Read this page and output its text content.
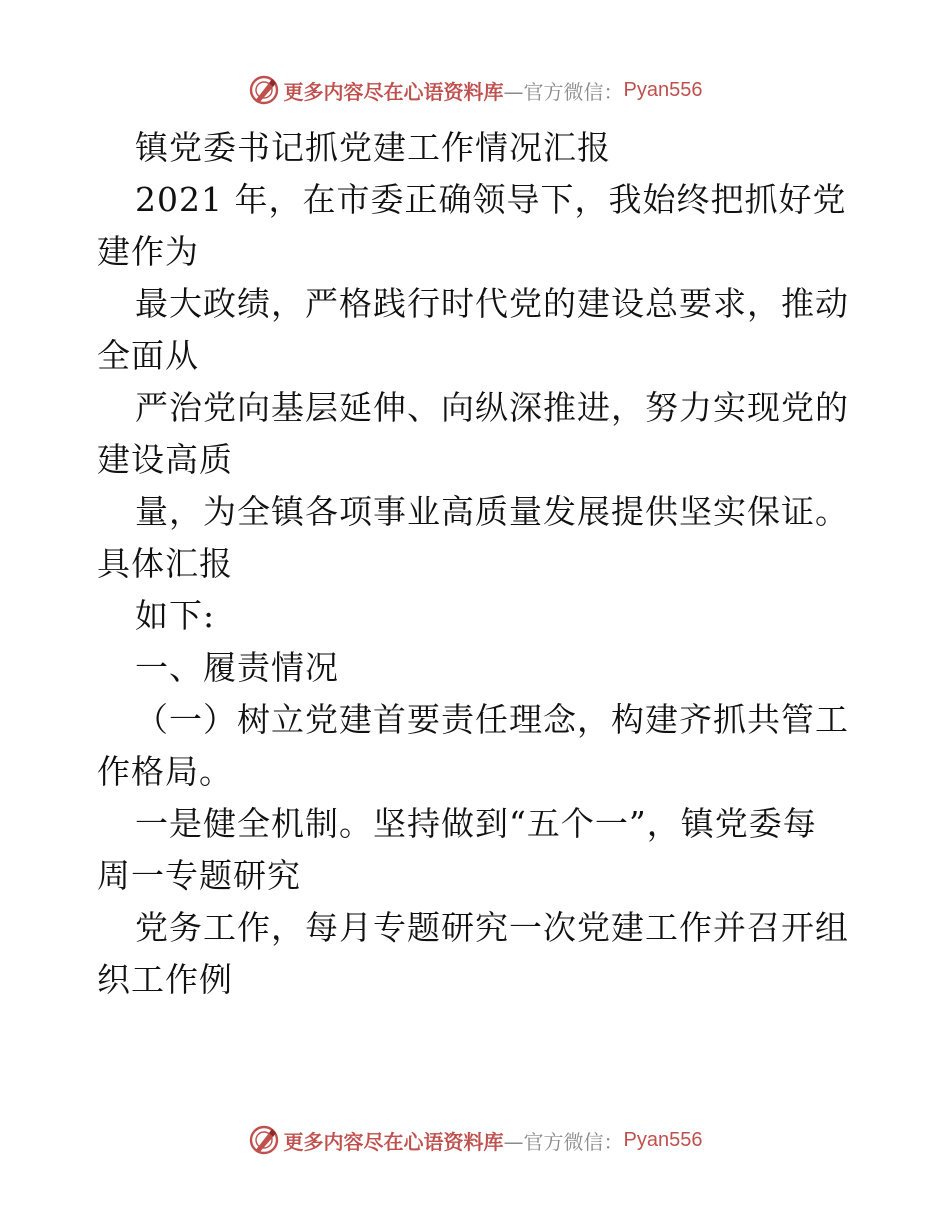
更多内容尽在心语资料库 —官方微信： Pyan556
镇党委书记抓党建工作情况汇报
2021 年，在市委正确领导下，我始终把抓好党
建作为
最大政绩，严格践行时代党的建设总要求，推动
全面从
严治党向基层延伸、向纵深推进，努力实现党的
建设高质
量，为全镇各项事业高质量发展提供坚实保证。
具体汇报
如下:
一、履责情况
（一）树立党建首要责任理念，构建齐抓共管工
作格局。
一是健全机制。坚持做到“五个一”，镇党委每
周一专题研究
党务工作，每月专题研究一次党建工作并召开组
织工作例
更多内容尽在心语资料库 —官方微信： Pyan556
